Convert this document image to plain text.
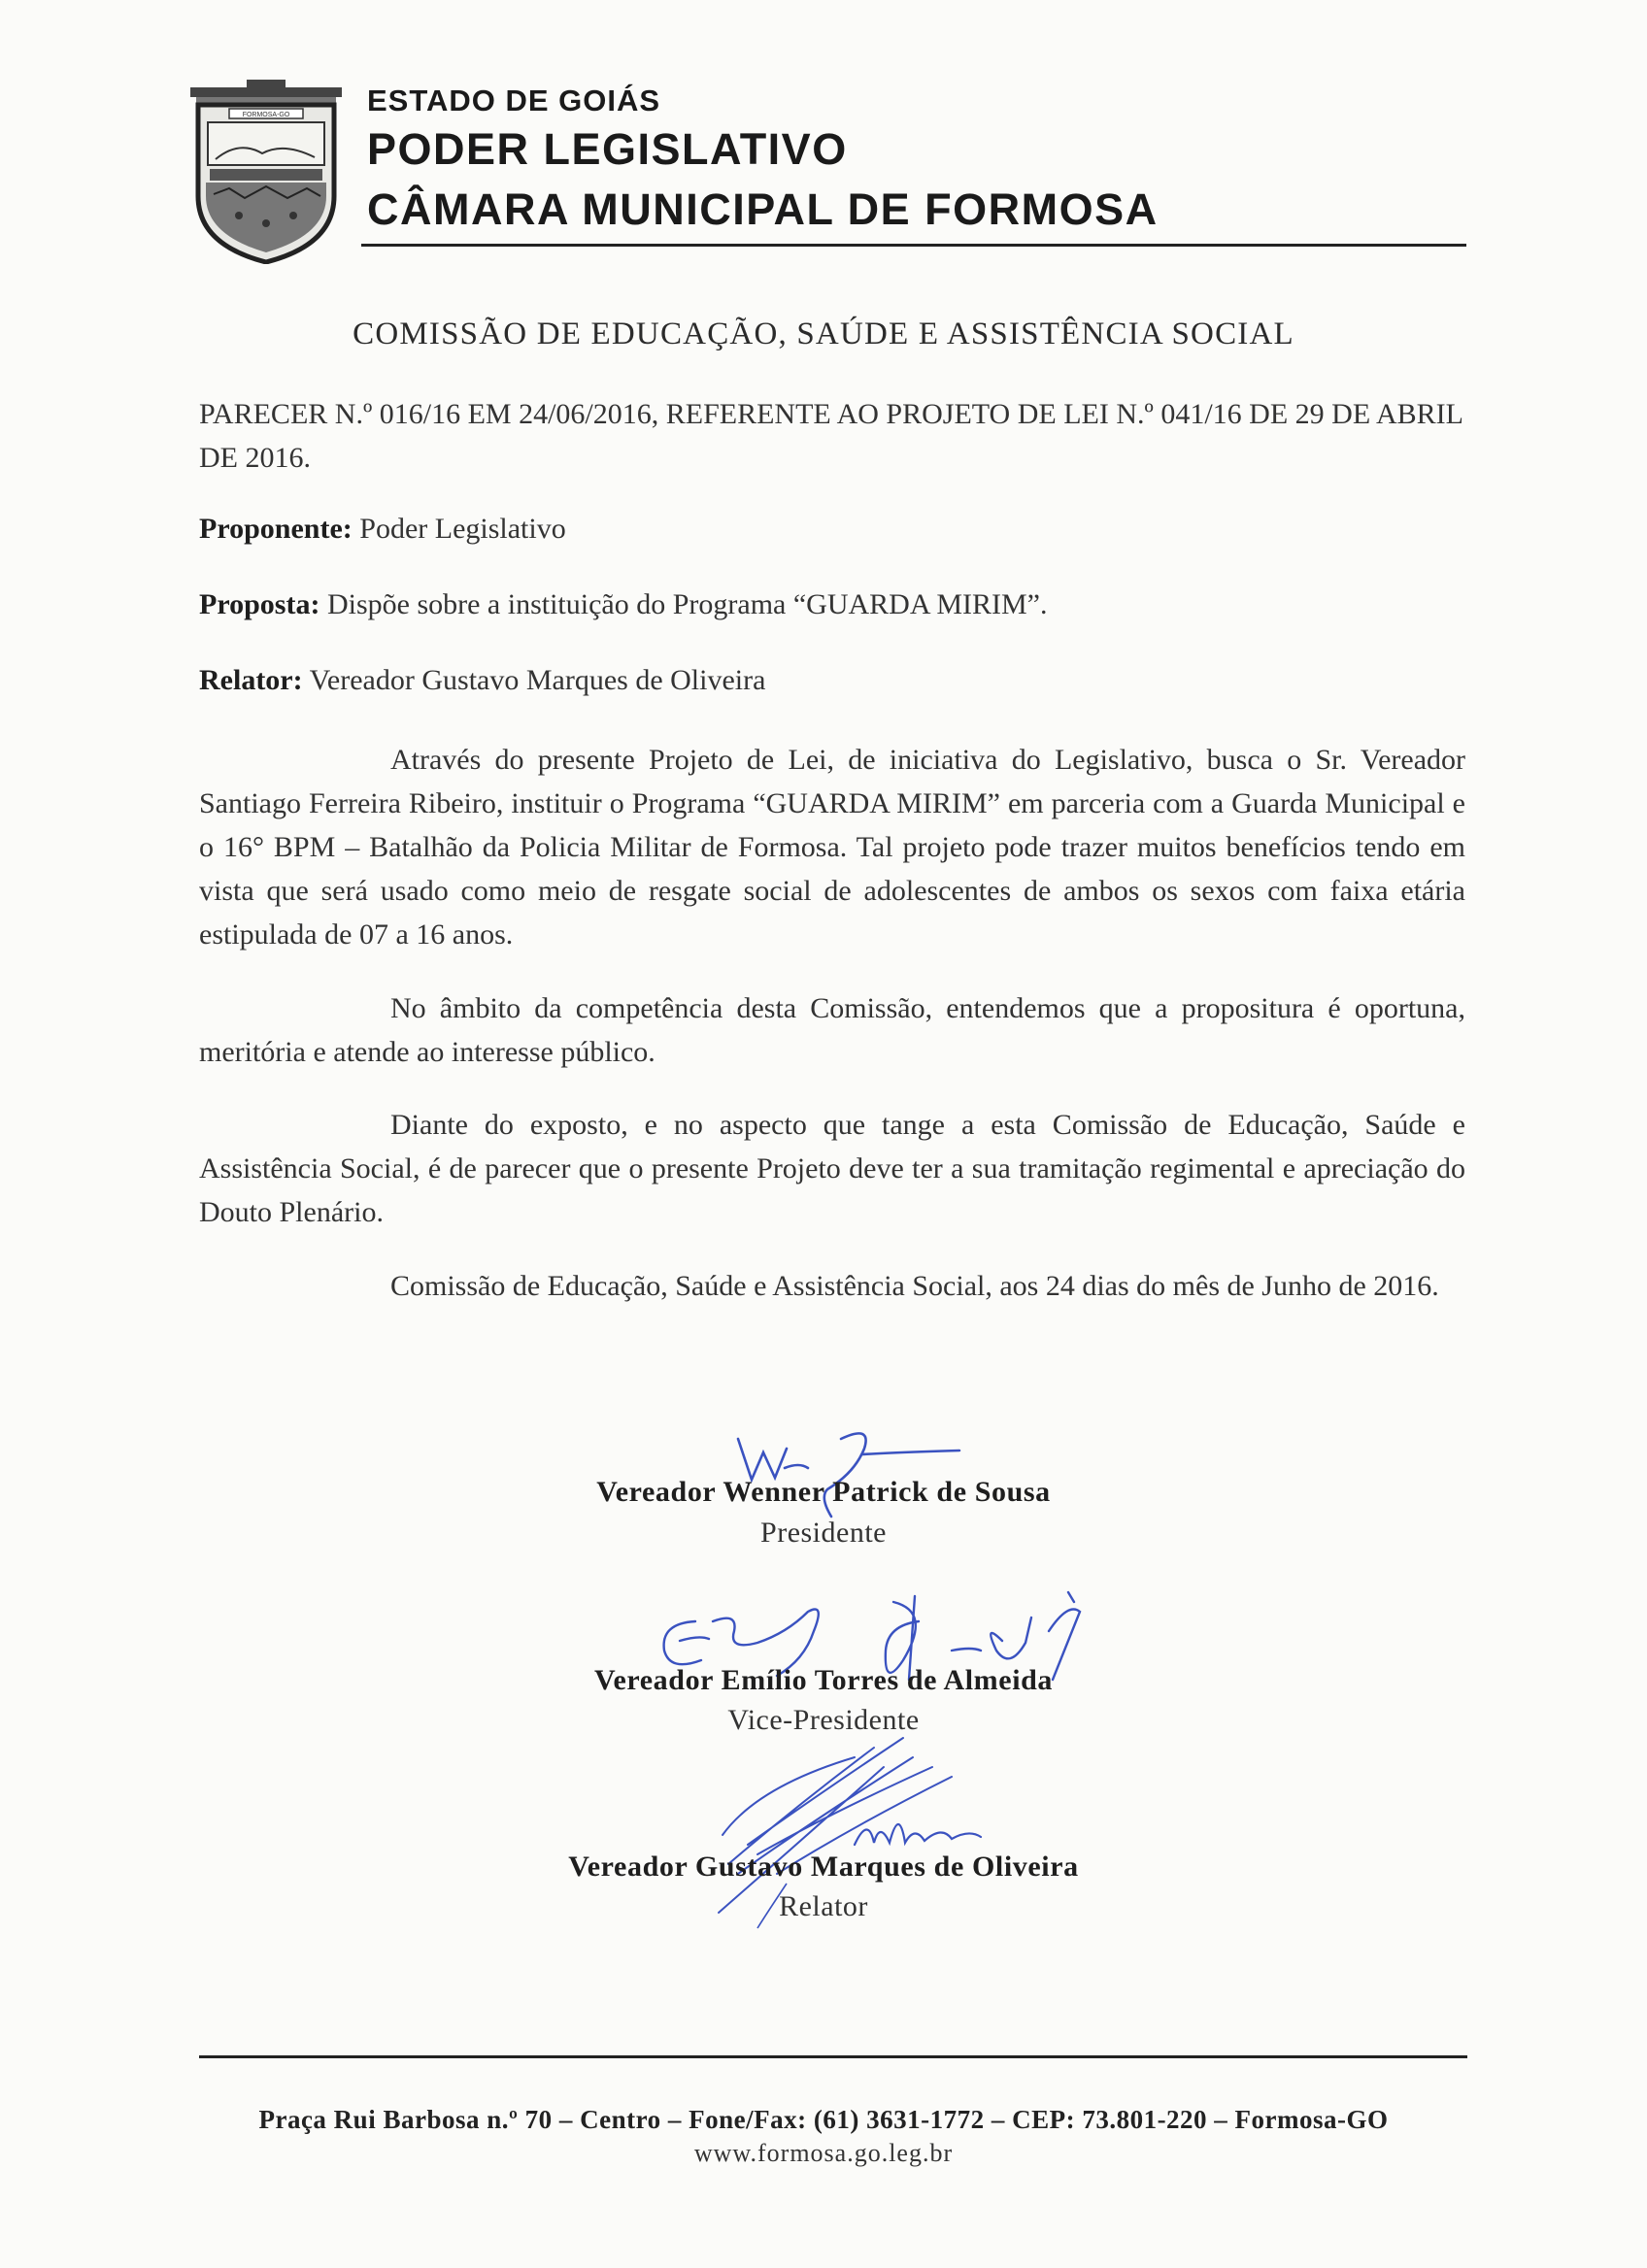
FORMOSA-GO	ESTADO DE GOIÁS
PODER LEGISLATIVO
CÂMARA MUNICIPAL DE FORMOSA
COMISSÃO DE EDUCAÇÃO, SAÚDE E ASSISTÊNCIA SOCIAL
PARECER N.º 016/16 EM 24/06/2016, REFERENTE AO PROJETO DE LEI N.º 041/16 DE 29 DE ABRIL DE 2016.
Proponente: Poder Legislativo
Proposta: Dispõe sobre a instituição do Programa “GUARDA MIRIM”.
Relator: Vereador Gustavo Marques de Oliveira
Através do presente Projeto de Lei, de iniciativa do Legislativo, busca o Sr. Vereador Santiago Ferreira Ribeiro, instituir o Programa “GUARDA MIRIM” em parceria com a Guarda Municipal e o 16° BPM – Batalhão da Policia Militar de Formosa. Tal projeto pode trazer muitos benefícios tendo em vista que será usado como meio de resgate social de adolescentes de ambos os sexos com faixa etária estipulada de 07 a 16 anos.
No âmbito da competência desta Comissão, entendemos que a propositura é oportuna, meritória e atende ao interesse público.
Diante do exposto, e no aspecto que tange a esta Comissão de Educação, Saúde e Assistência Social, é de parecer que o presente Projeto deve ter a sua tramitação regimental e apreciação do Douto Plenário.
Comissão de Educação, Saúde e Assistência Social, aos 24 dias do mês de Junho de 2016.
Vereador Wenner Patrick de Sousa
Presidente
Vereador Emílio Torres de Almeida
Vice-Presidente
Vereador Gustavo Marques de Oliveira
Relator
Praça Rui Barbosa n.º 70 – Centro – Fone/Fax: (61) 3631-1772 – CEP: 73.801-220 – Formosa-GO
www.formosa.go.leg.br
